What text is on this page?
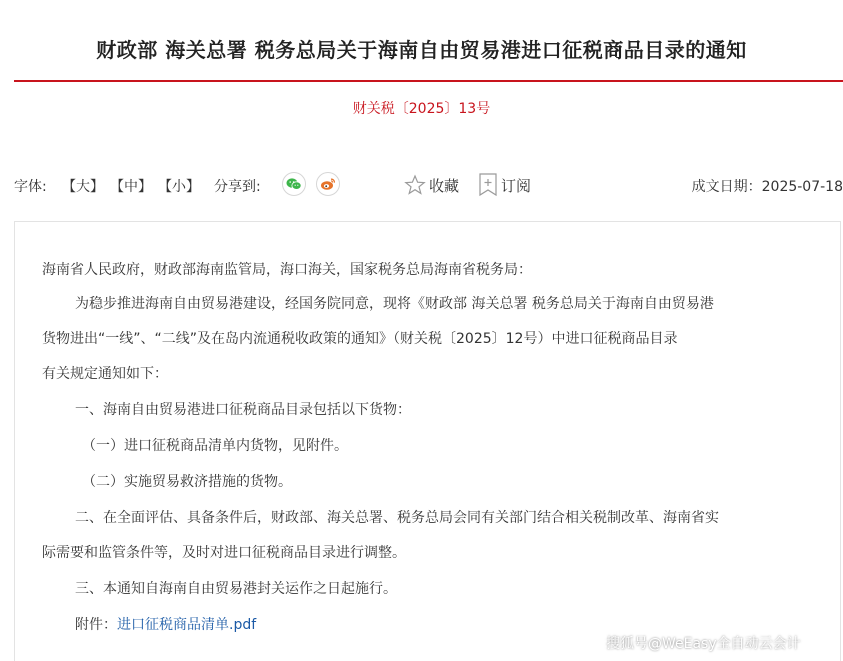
财政部 海关总署 税务总局关于海南自由贸易港进口征税商品目录的通知
财关税〔2025〕13号
字体: 【大】 【中】 【小】 分享到:	收藏	订阅	成文日期：2025-07-18

海南省人民政府，财政部海南监管局，海口海关，国家税务总局海南省税务局：

为稳步推进海南自由贸易港建设，经国务院同意，现将《财政部 海关总署 税务总局关于海南自由贸易港

货物进出“一线”、“二线”及在岛内流通税收政策的通知》（财关税〔2025〕12号）中进口征税商品目录

有关规定通知如下：

一、海南自由贸易港进口征税商品目录包括以下货物：

（一）进口征税商品清单内货物，见附件。

（二）实施贸易救济措施的货物。

二、在全面评估、具备条件后，财政部、海关总署、税务总局会同有关部门结合相关税制改革、海南省实

际需要和监管条件等，及时对进口征税商品目录进行调整。

三、本通知自海南自由贸易港封关运作之日起施行。

附件：进口征税商品清单.pdf

搜狐号@WeEasy全自动云会计
